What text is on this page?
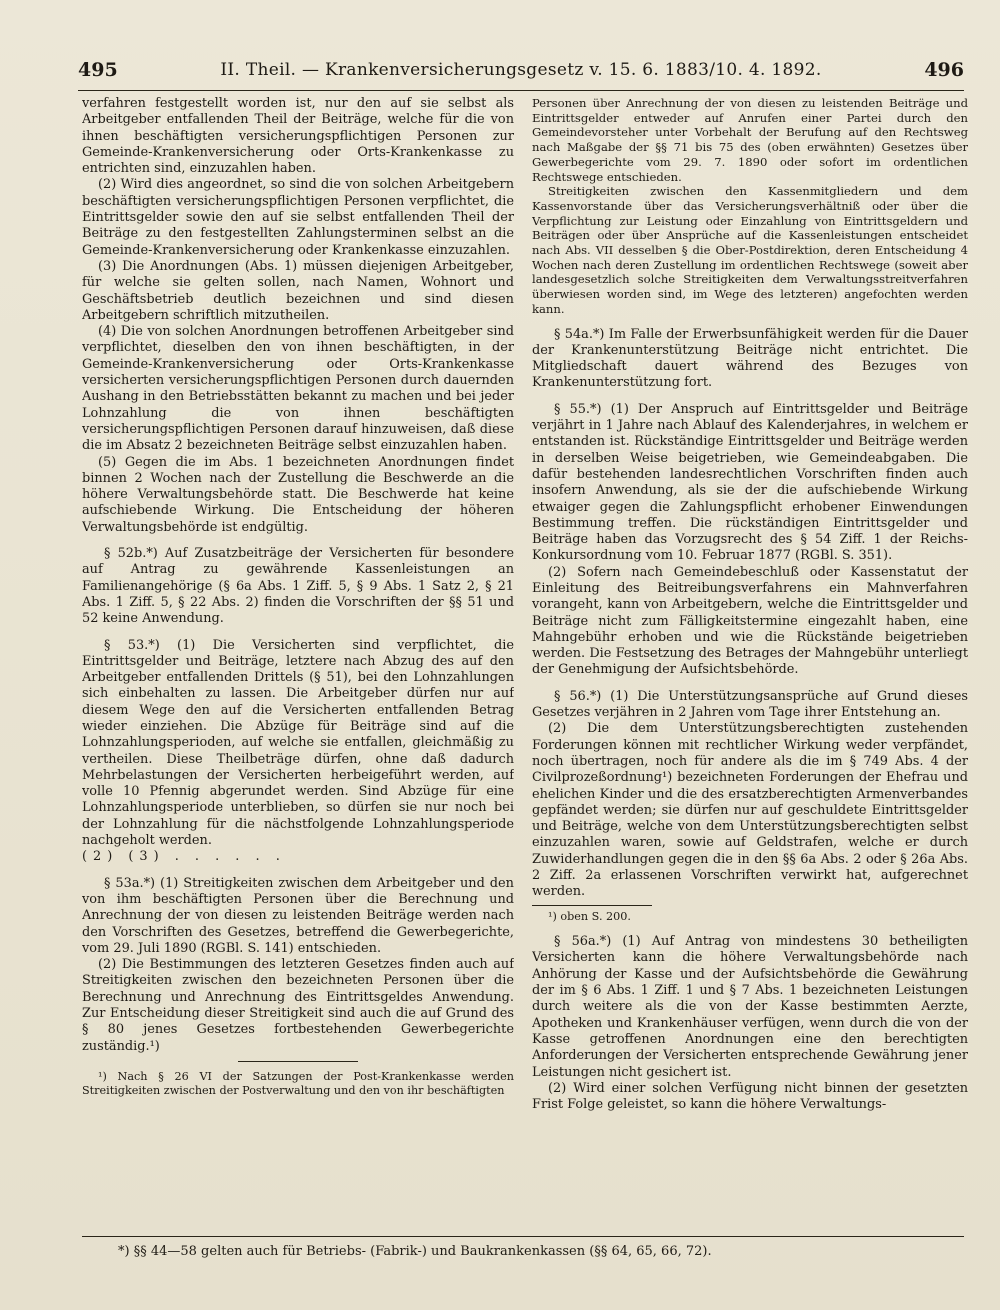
495	II. Theil. — Krankenversicherungsgesetz v. 15. 6. 1883/10. 4. 1892.	496

verfahren festgestellt worden ist, nur den auf sie selbst als Arbeitgeber entfallenden Theil der Beiträge, welche für die von ihnen beschäftigten versicherungspflichtigen Personen zur Gemeinde-Krankenversicherung oder Orts-Krankenkasse zu entrichten sind, einzuzahlen haben.

(2) Wird dies angeordnet, so sind die von solchen Arbeitgebern beschäftigten versicherungspflichtigen Personen verpflichtet, die Eintrittsgelder sowie den auf sie selbst entfallenden Theil der Beiträge zu den festgestellten Zahlungsterminen selbst an die Gemeinde-Krankenversicherung oder Krankenkasse einzuzahlen.

(3) Die Anordnungen (Abs. 1) müssen diejenigen Arbeitgeber, für welche sie gelten sollen, nach Namen, Wohnort und Geschäftsbetrieb deutlich bezeichnen und sind diesen Arbeitgebern schriftlich mitzutheilen.

(4) Die von solchen Anordnungen betroffenen Arbeitgeber sind verpflichtet, dieselben den von ihnen beschäftigten, in der Gemeinde-Krankenversicherung oder Orts-Krankenkasse versicherten versicherungspflichtigen Personen durch dauernden Aushang in den Betriebsstätten bekannt zu machen und bei jeder Lohnzahlung die von ihnen beschäftigten versicherungspflichtigen Personen darauf hinzuweisen, daß diese die im Absatz 2 bezeichneten Beiträge selbst einzuzahlen haben.

(5) Gegen die im Abs. 1 bezeichneten Anordnungen findet binnen 2 Wochen nach der Zustellung die Beschwerde an die höhere Verwaltungsbehörde statt. Die Beschwerde hat keine aufschiebende Wirkung. Die Entscheidung der höheren Verwaltungsbehörde ist endgültig.

§ 52b.*) Auf Zusatzbeiträge der Versicherten für besondere auf Antrag zu gewährende Kassenleistungen an Familienangehörige (§ 6a Abs. 1 Ziff. 5, § 9 Abs. 1 Satz 2, § 21 Abs. 1 Ziff. 5, § 22 Abs. 2) finden die Vorschriften der §§ 51 und 52 keine Anwendung.

§ 53.*) (1) Die Versicherten sind verpflichtet, die Eintrittsgelder und Beiträge, letztere nach Abzug des auf den Arbeitgeber entfallenden Drittels (§ 51), bei den Lohnzahlungen sich einbehalten zu lassen. Die Arbeitgeber dürfen nur auf diesem Wege den auf die Versicherten entfallenden Betrag wieder einziehen. Die Abzüge für Beiträge sind auf die Lohnzahlungsperioden, auf welche sie entfallen, gleichmäßig zu vertheilen. Diese Theilbeträge dürfen, ohne daß dadurch Mehrbelastungen der Versicherten herbeigeführt werden, auf volle 10 Pfennig abgerundet werden. Sind Abzüge für eine Lohnzahlungsperiode unterblieben, so dürfen sie nur noch bei der Lohnzahlung für die nächstfolgende Lohnzahlungsperiode nachgeholt werden.

(2) (3) . . . . . .

§ 53a.*) (1) Streitigkeiten zwischen dem Arbeitgeber und den von ihm beschäftigten Personen über die Berechnung und Anrechnung der von diesen zu leistenden Beiträge werden nach den Vorschriften des Gesetzes, betreffend die Gewerbegerichte, vom 29. Juli 1890 (RGBl. S. 141) entschieden.

(2) Die Bestimmungen des letzteren Gesetzes finden auch auf Streitigkeiten zwischen den bezeichneten Personen über die Berechnung und Anrechnung des Eintrittsgeldes Anwendung. Zur Entscheidung dieser Streitigkeit sind auch die auf Grund des § 80 jenes Gesetzes fortbestehenden Gewerbegerichte zuständig.¹)

¹) Nach § 26 VI der Satzungen der Post-Krankenkasse werden Streitigkeiten zwischen der Postverwaltung und den von ihr beschäftigten

Personen über Anrechnung der von diesen zu leistenden Beiträge und Eintrittsgelder entweder auf Anrufen einer Partei durch den Gemeindevorsteher unter Vorbehalt der Berufung auf den Rechtsweg nach Maßgabe der §§ 71 bis 75 des (oben erwähnten) Gesetzes über Gewerbegerichte vom 29. 7. 1890 oder sofort im ordentlichen Rechtswege entschieden.

Streitigkeiten zwischen den Kassenmitgliedern und dem Kassenvorstande über das Versicherungsverhältniß oder über die Verpflichtung zur Leistung oder Einzahlung von Eintrittsgeldern und Beiträgen oder über Ansprüche auf die Kassenleistungen entscheidet nach Abs. VII desselben § die Ober-Postdirektion, deren Entscheidung 4 Wochen nach deren Zustellung im ordentlichen Rechtswege (soweit aber landesgesetzlich solche Streitigkeiten dem Verwaltungsstreitverfahren überwiesen worden sind, im Wege des letzteren) angefochten werden kann.

§ 54a.*) Im Falle der Erwerbsunfähigkeit werden für die Dauer der Krankenunterstützung Beiträge nicht entrichtet. Die Mitgliedschaft dauert während des Bezuges von Krankenunterstützung fort.

§ 55.*) (1) Der Anspruch auf Eintrittsgelder und Beiträge verjährt in 1 Jahre nach Ablauf des Kalenderjahres, in welchem er entstanden ist. Rückständige Eintrittsgelder und Beiträge werden in derselben Weise beigetrieben, wie Gemeindeabgaben. Die dafür bestehenden landesrechtlichen Vorschriften finden auch insofern Anwendung, als sie der die aufschiebende Wirkung etwaiger gegen die Zahlungspflicht erhobener Einwendungen Bestimmung treffen. Die rückständigen Eintrittsgelder und Beiträge haben das Vorzugsrecht des § 54 Ziff. 1 der Reichs-Konkursordnung vom 10. Februar 1877 (RGBl. S. 351).

(2) Sofern nach Gemeindebeschluß oder Kassenstatut der Einleitung des Beitreibungsverfahrens ein Mahnverfahren vorangeht, kann von Arbeitgebern, welche die Eintrittsgelder und Beiträge nicht zum Fälligkeitstermine eingezahlt haben, eine Mahngebühr erhoben und wie die Rückstände beigetrieben werden. Die Festsetzung des Betrages der Mahngebühr unterliegt der Genehmigung der Aufsichtsbehörde.

§ 56.*) (1) Die Unterstützungsansprüche auf Grund dieses Gesetzes verjähren in 2 Jahren vom Tage ihrer Entstehung an.

(2) Die dem Unterstützungsberechtigten zustehenden Forderungen können mit rechtlicher Wirkung weder verpfändet, noch übertragen, noch für andere als die im § 749 Abs. 4 der Civilprozeßordnung¹) bezeichneten Forderungen der Ehefrau und ehelichen Kinder und die des ersatzberechtigten Armenverbandes gepfändet werden; sie dürfen nur auf geschuldete Eintrittsgelder und Beiträge, welche von dem Unterstützungsberechtigten selbst einzuzahlen waren, sowie auf Geldstrafen, welche er durch Zuwiderhandlungen gegen die in den §§ 6a Abs. 2 oder § 26a Abs. 2 Ziff. 2a erlassenen Vorschriften verwirkt hat, aufgerechnet werden.

¹) oben S. 200.

§ 56a.*) (1) Auf Antrag von mindestens 30 betheiligten Versicherten kann die höhere Verwaltungsbehörde nach Anhörung der Kasse und der Aufsichtsbehörde die Gewährung der im § 6 Abs. 1 Ziff. 1 und § 7 Abs. 1 bezeichneten Leistungen durch weitere als die von der Kasse bestimmten Aerzte, Apotheken und Krankenhäuser verfügen, wenn durch die von der Kasse getroffenen Anordnungen eine den berechtigten Anforderungen der Versicherten entsprechende Gewährung jener Leistungen nicht gesichert ist.

(2) Wird einer solchen Verfügung nicht binnen der gesetzten Frist Folge geleistet, so kann die höhere Verwaltungs-

*) §§ 44—58 gelten auch für Betriebs- (Fabrik-) und Baukrankenkassen (§§ 64, 65, 66, 72).
